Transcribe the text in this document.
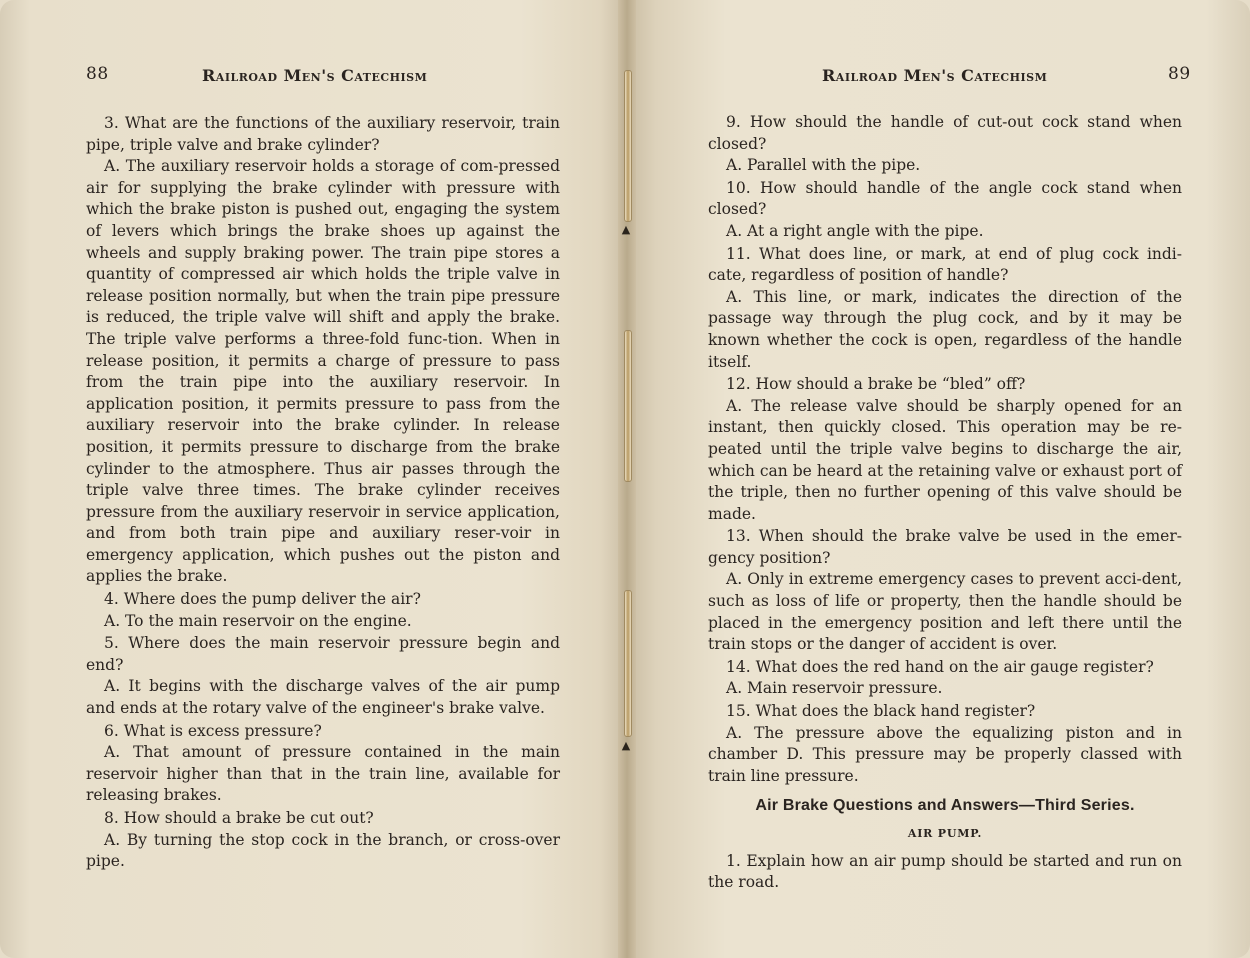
88	Railroad Men's Catechism

3. What are the functions of the auxiliary reservoir, train pipe, triple valve and brake cylinder?

A. The auxiliary reservoir holds a storage of com-pressed air for supplying the brake cylinder with pressure with which the brake piston is pushed out, engaging the system of levers which brings the brake shoes up against the wheels and supply braking power. The train pipe stores a quantity of compressed air which holds the triple valve in release position normally, but when the train pipe pressure is reduced, the triple valve will shift and apply the brake. The triple valve performs a three-fold func-tion. When in release position, it permits a charge of pressure to pass from the train pipe into the auxiliary reservoir. In application position, it permits pressure to pass from the auxiliary reservoir into the brake cylinder. In release position, it permits pressure to discharge from the brake cylinder to the atmosphere. Thus air passes through the triple valve three times. The brake cylinder receives pressure from the auxiliary reservoir in service application, and from both train pipe and auxiliary reser-voir in emergency application, which pushes out the piston and applies the brake.

4. Where does the pump deliver the air?

A. To the main reservoir on the engine.

5. Where does the main reservoir pressure begin and end?

A. It begins with the discharge valves of the air pump and ends at the rotary valve of the engineer's brake valve.

6. What is excess pressure?

A. That amount of pressure contained in the main reservoir higher than that in the train line, available for releasing brakes.

8. How should a brake be cut out?

A. By turning the stop cock in the branch, or cross-over pipe.

Railroad Men's Catechism	89

9. How should the handle of cut-out cock stand when closed?

A. Parallel with the pipe.

10. How should handle of the angle cock stand when closed?

A. At a right angle with the pipe.

11. What does line, or mark, at end of plug cock indi-cate, regardless of position of handle?

A. This line, or mark, indicates the direction of the passage way through the plug cock, and by it may be known whether the cock is open, regardless of the handle itself.

12. How should a brake be “bled” off?

A. The release valve should be sharply opened for an instant, then quickly closed. This operation may be re-peated until the triple valve begins to discharge the air, which can be heard at the retaining valve or exhaust port of the triple, then no further opening of this valve should be made.

13. When should the brake valve be used in the emer-gency position?

A. Only in extreme emergency cases to prevent acci-dent, such as loss of life or property, then the handle should be placed in the emergency position and left there until the train stops or the danger of accident is over.

14. What does the red hand on the air gauge register?

A. Main reservoir pressure.

15. What does the black hand register?

A. The pressure above the equalizing piston and in chamber D. This pressure may be properly classed with train line pressure.

Air Brake Questions and Answers—Third Series.
AIR PUMP.

1. Explain how an air pump should be started and run on the road.

▲
▲
